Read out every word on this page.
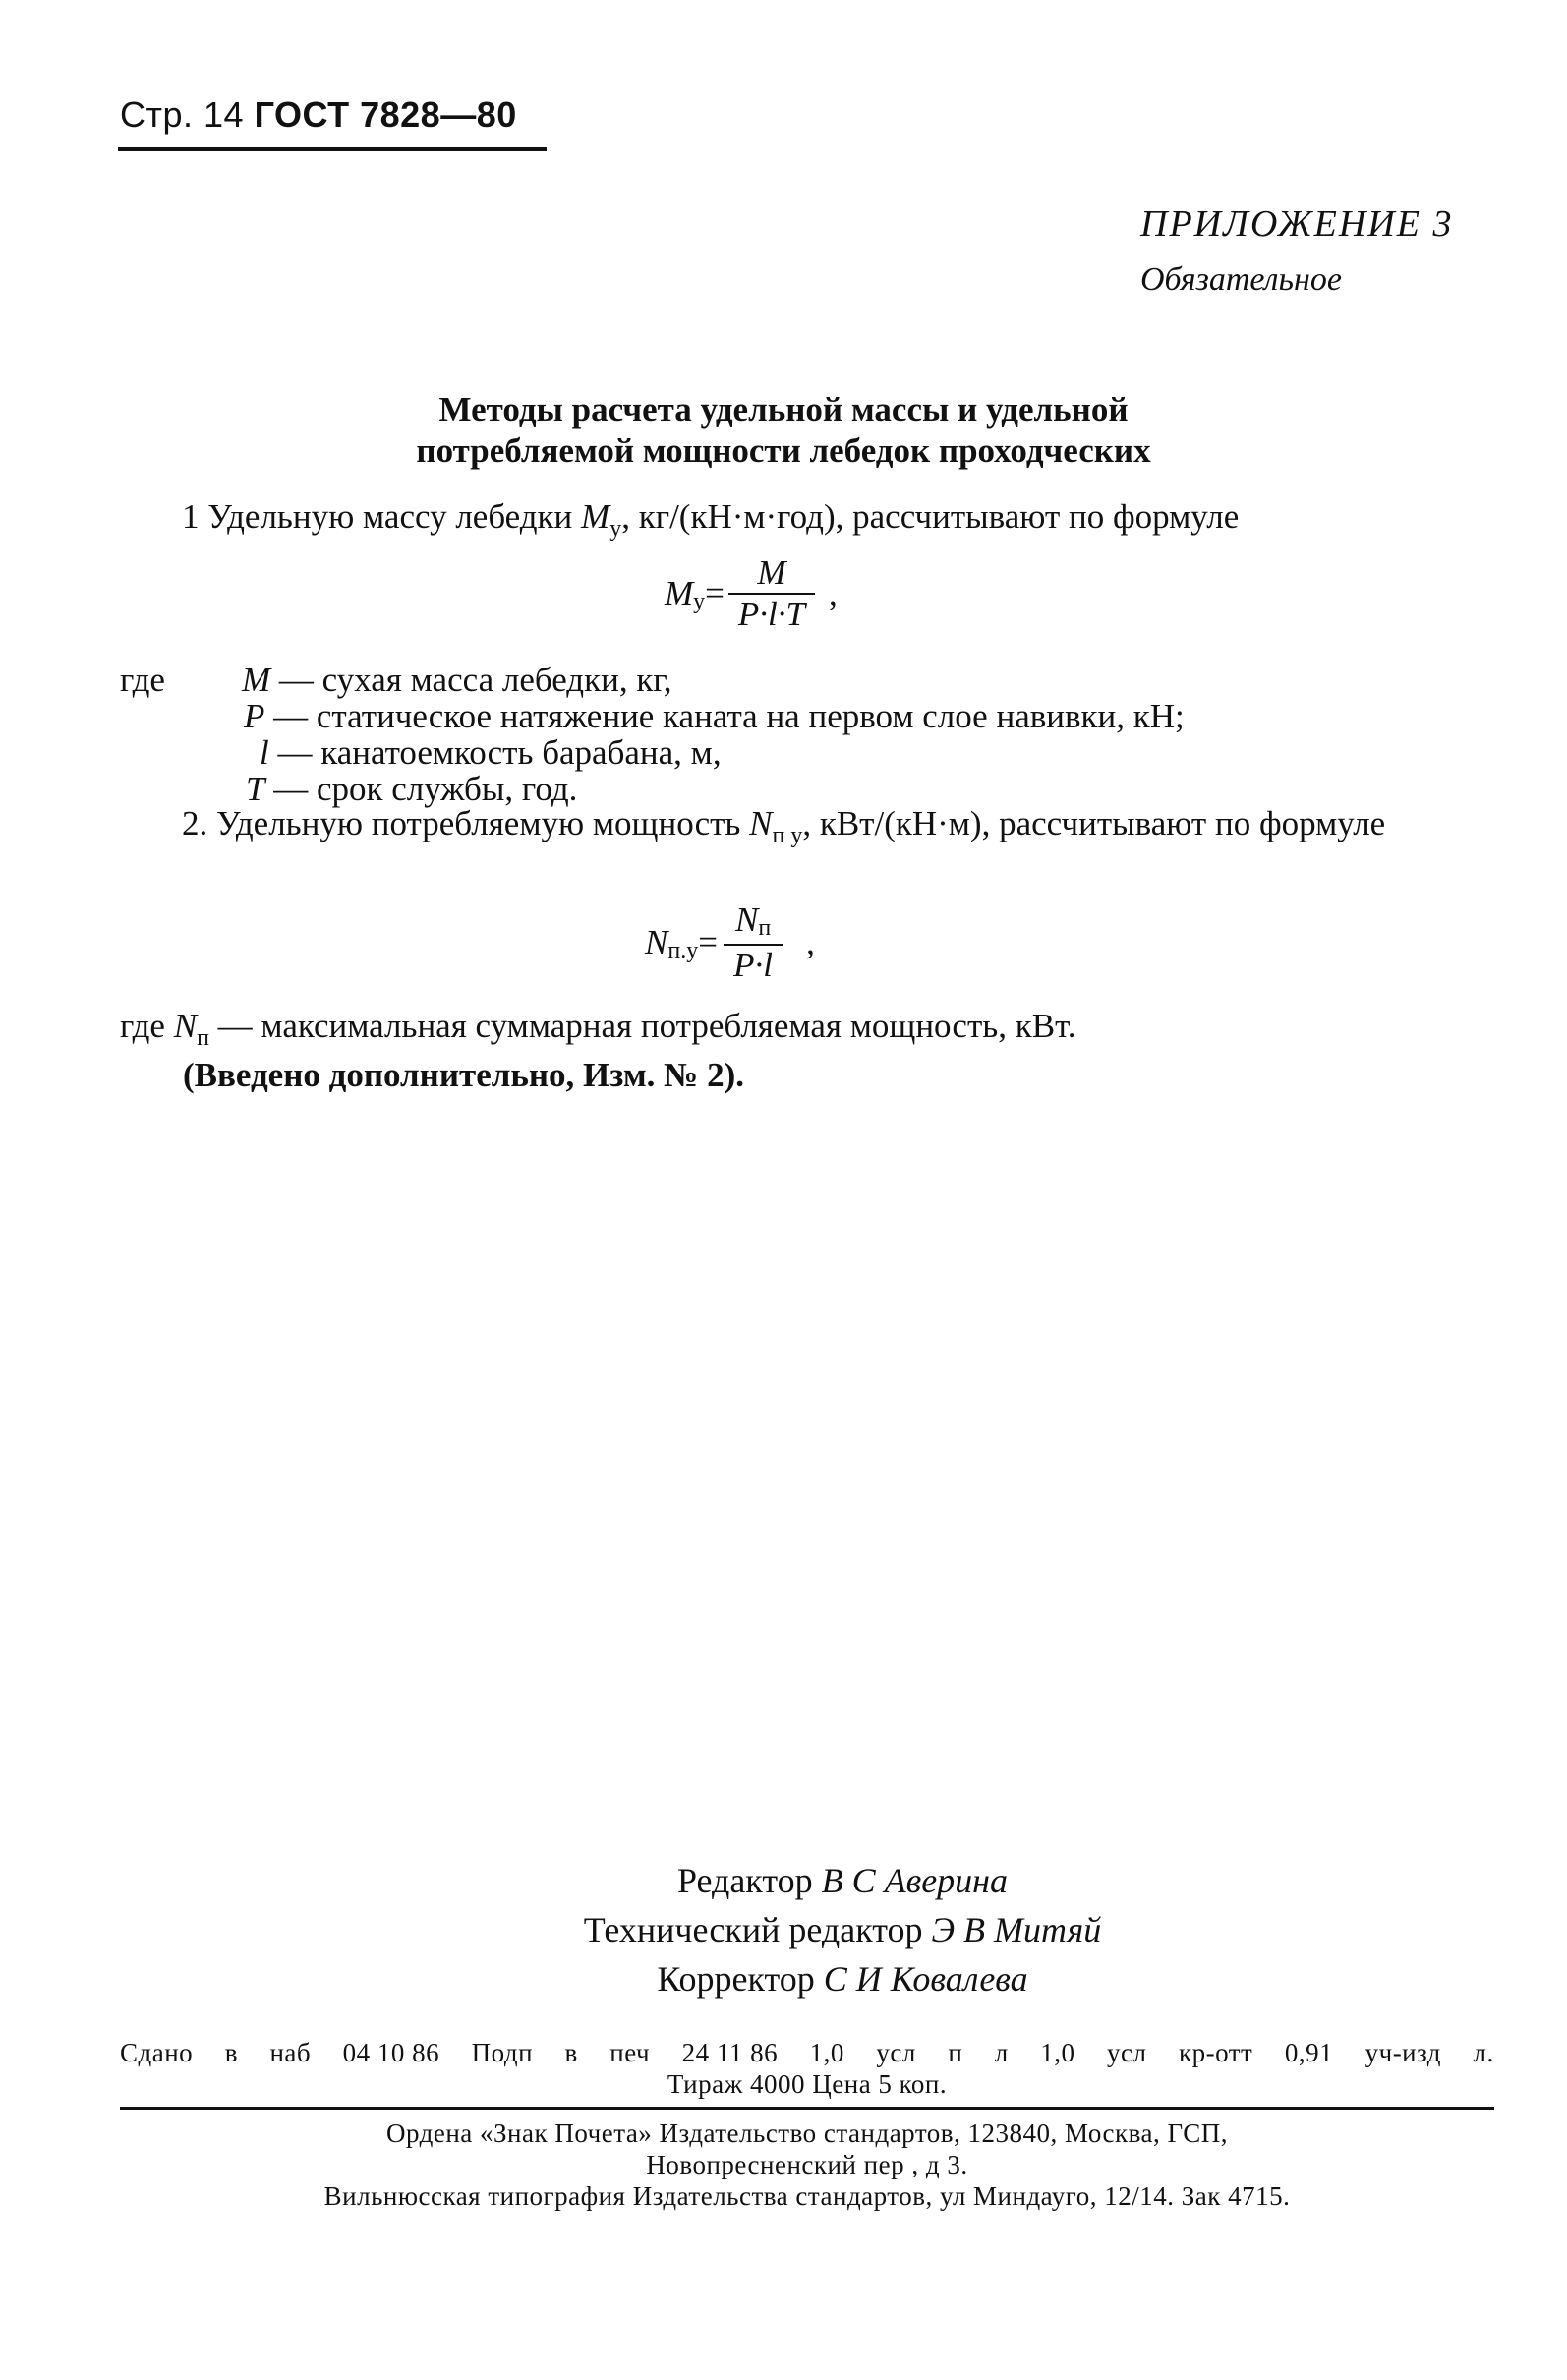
Стр. 14 ГОСТ 7828—80
ПРИЛОЖЕНИЕ 3
Обязательное
Методы расчета удельной массы и удельной
потребляемой мощности лебедок проходческих
1 Удельную массу лебедки $M_у$, кг/(кН·м·год), рассчитывают по формуле
M $у = \frac{M}{P\cdot l\cdot T}$ ,
где M — сухая масса лебедки, кг,
P — статическое натяжение каната на первом слое навивки, кН;
l — канатоемкость барабана, м,
T — срок службы, год.
2. Удельную потребляемую мощность $N_{п у}$, кВт/(кН·м), рассчитывают по формуле
N $п.у = \frac{Nп}{P\cdot l}$ ,
где $N_п$ — максимальная суммарная потребляемая мощность, кВт.
(Введено дополнительно, Изм. № 2).
Редактор В С Аверина
Технический редактор Э В Митяй
Корректор С И Ковалева
Сдано в наб 04 10 86 Подп в печ 24 11 86 1,0 усл п л 1,0 усл кр-отт 0,91 уч-изд л.
Тираж 4000 Цена 5 коп.
Ордена «Знак Почета» Издательство стандартов, 123840, Москва, ГСП,
Новопресненский пер , д 3.
Вильнюсская типография Издательства стандартов, ул Миндауго, 12/14. Зак 4715.
